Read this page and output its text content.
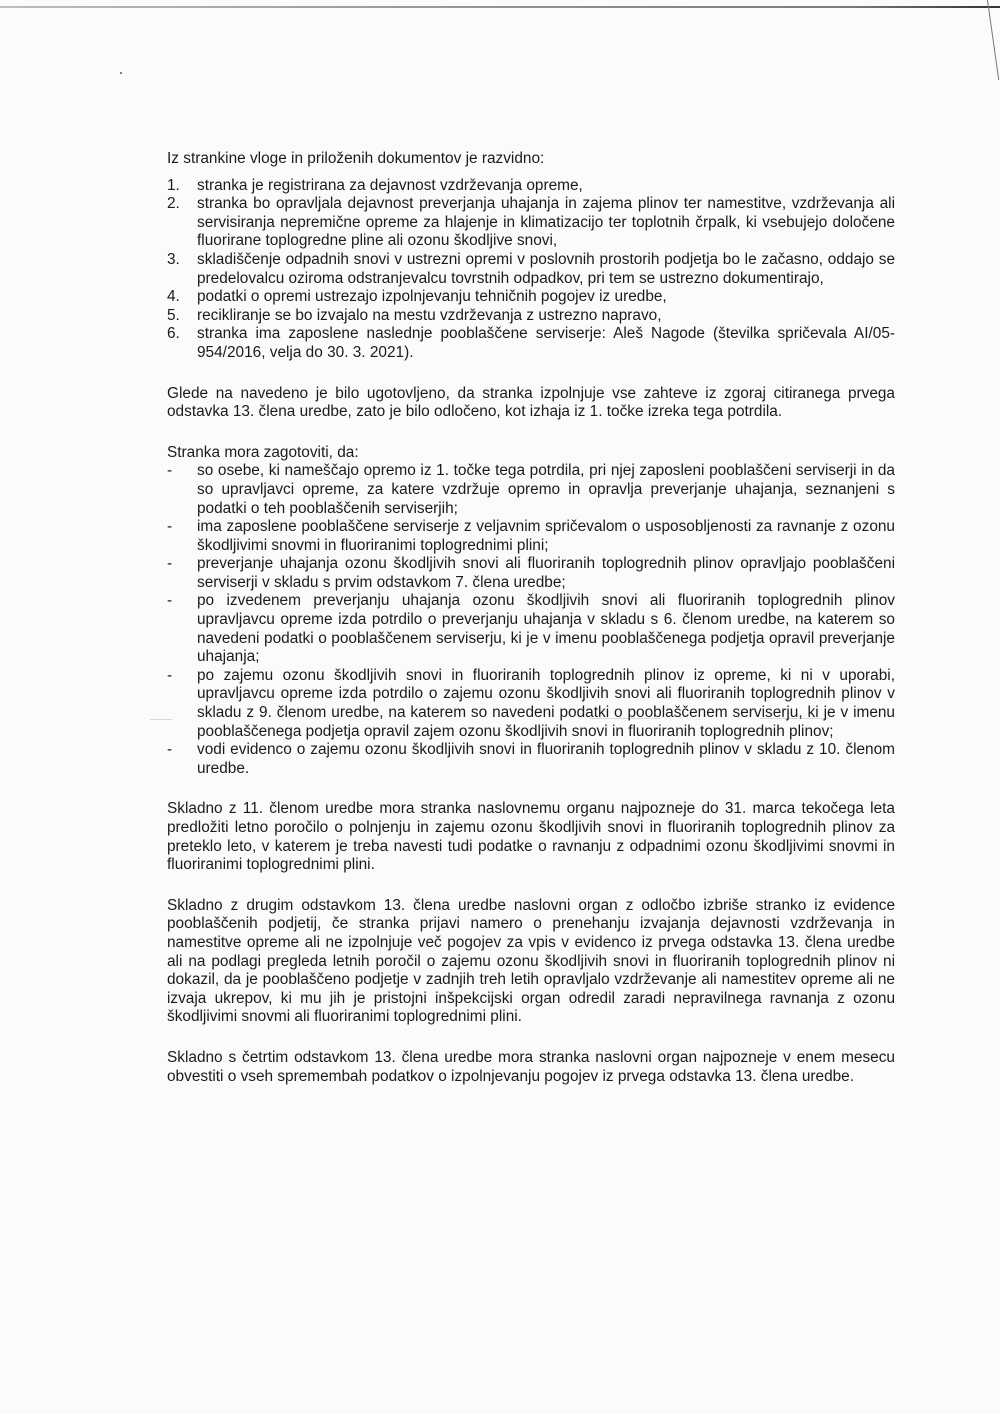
Iz strankine vloge in priloženih dokumentov je razvidno:

1. stranka je registrirana za dejavnost vzdrževanja opreme,
2. stranka bo opravljala dejavnost preverjanja uhajanja in zajema plinov ter namestitve, vzdrževanja ali servisiranja nepremične opreme za hlajenje in klimatizacijo ter toplotnih črpalk, ki vsebujejo določene fluorirane toplogredne pline ali ozonu škodljive snovi,
3. skladiščenje odpadnih snovi v ustrezni opremi v poslovnih prostorih podjetja bo le začasno, oddajo se predelovalcu oziroma odstranjevalcu tovrstnih odpadkov, pri tem se ustrezno dokumentirajo,
4. podatki o opremi ustrezajo izpolnjevanju tehničnih pogojev iz uredbe,
5. recikliranje se bo izvajalo na mestu vzdrževanja z ustrezno napravo,
6. stranka ima zaposlene naslednje pooblaščene serviserje: Aleš Nagode (številka spričevala AI/05-954/2016, velja do 30. 3. 2021).

Glede na navedeno je bilo ugotovljeno, da stranka izpolnjuje vse zahteve iz zgoraj citiranega prvega odstavka 13. člena uredbe, zato je bilo odločeno, kot izhaja iz 1. točke izreka tega potrdila.

Stranka mora zagotoviti, da:

- so osebe, ki nameščajo opremo iz 1. točke tega potrdila, pri njej zaposleni pooblaščeni serviserji in da so upravljavci opreme, za katere vzdržuje opremo in opravlja preverjanje uhajanja, seznanjeni s podatki o teh pooblaščenih serviserjih;
- ima zaposlene pooblaščene serviserje z veljavnim spričevalom o usposobljenosti za ravnanje z ozonu škodljivimi snovmi in fluoriranimi toplogrednimi plini;
- preverjanje uhajanja ozonu škodljivih snovi ali fluoriranih toplogrednih plinov opravljajo pooblaščeni serviserji v skladu s prvim odstavkom 7. člena uredbe;
- po izvedenem preverjanju uhajanja ozonu škodljivih snovi ali fluoriranih toplogrednih plinov upravljavcu opreme izda potrdilo o preverjanju uhajanja v skladu s 6. členom uredbe, na katerem so navedeni podatki o pooblaščenem serviserju, ki je v imenu pooblaščenega podjetja opravil preverjanje uhajanja;
- po zajemu ozonu škodljivih snovi in fluoriranih toplogrednih plinov iz opreme, ki ni v uporabi, upravljavcu opreme izda potrdilo o zajemu ozonu škodljivih snovi ali fluoriranih toplogrednih plinov v skladu z 9. členom uredbe, na katerem so navedeni podatki o pooblaščenem serviserju, ki je v imenu pooblaščenega podjetja opravil zajem ozonu škodljivih snovi in fluoriranih toplogrednih plinov;
- vodi evidenco o zajemu ozonu škodljivih snovi in fluoriranih toplogrednih plinov v skladu z 10. členom uredbe.

Skladno z 11. členom uredbe mora stranka naslovnemu organu najpozneje do 31. marca tekočega leta predložiti letno poročilo o polnjenju in zajemu ozonu škodljivih snovi in fluoriranih toplogrednih plinov za preteklo leto, v katerem je treba navesti tudi podatke o ravnanju z odpadnimi ozonu škodljivimi snovmi in fluoriranimi toplogrednimi plini.

Skladno z drugim odstavkom 13. člena uredbe naslovni organ z odločbo izbriše stranko iz evidence pooblaščenih podjetij, če stranka prijavi namero o prenehanju izvajanja dejavnosti vzdrževanja in namestitve opreme ali ne izpolnjuje več pogojev za vpis v evidenco iz prvega odstavka 13. člena uredbe ali na podlagi pregleda letnih poročil o zajemu ozonu škodljivih snovi in fluoriranih toplogrednih plinov ni dokazil, da je pooblaščeno podjetje v zadnjih treh letih opravljalo vzdrževanje ali namestitev opreme ali ne izvaja ukrepov, ki mu jih je pristojni inšpekcijski organ odredil zaradi nepravilnega ravnanja z ozonu škodljivimi snovmi ali fluoriranimi toplogrednimi plini.

Skladno s četrtim odstavkom 13. člena uredbe mora stranka naslovni organ najpozneje v enem mesecu obvestiti o vseh spremembah podatkov o izpolnjevanju pogojev iz prvega odstavka 13. člena uredbe.
